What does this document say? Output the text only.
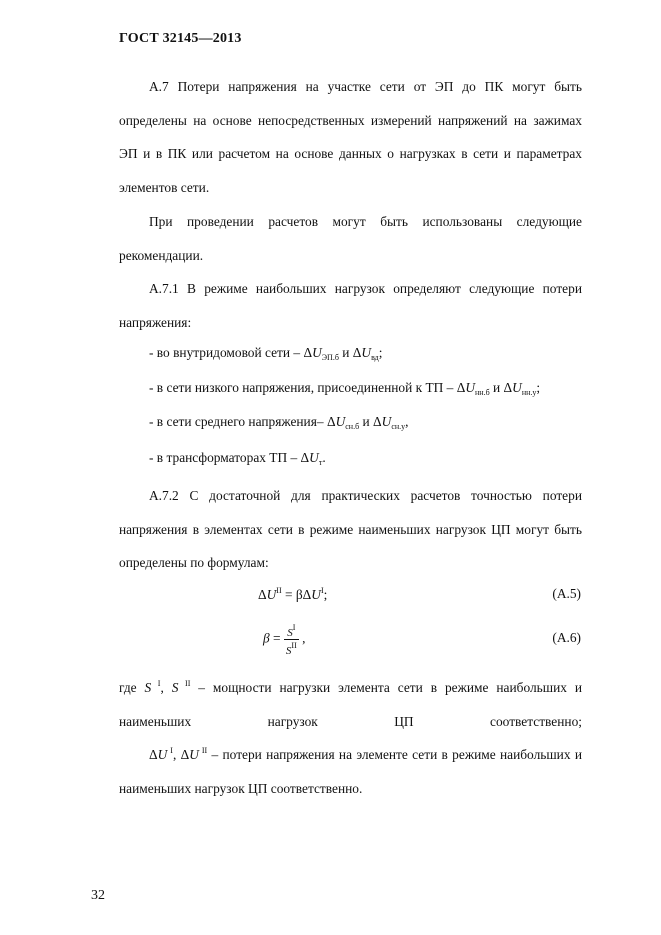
ГОСТ 32145—2013
А.7 Потери напряжения на участке сети от ЭП до ПК могут быть определены на основе непосредственных измерений напряжений на зажимах ЭП и в ПК или расчетом на основе данных о нагрузках в сети и параметрах элементов сети.
При проведении расчетов могут быть использованы следующие рекомендации.
А.7.1 В режиме наибольших нагрузок определяют следующие потери напряжения:
- во внутридомовой сети – $\Delta U_{ЭП.б}$ и $\Delta U_{вд}$;
- в сети низкого напряжения, присоединенной к ТП – $\Delta U_{нн.б}$ и $\Delta U_{нн.у}$;
- в сети среднего напряжения– $\Delta U_{сн.б}$ и $\Delta U_{сн.у}$,
- в трансформаторах ТП – $\Delta U_т$.
А.7.2 С достаточной для практических расчетов точностью потери напряжения в элементах сети в режиме наименьших нагрузок ЦП могут быть определены по формулам:
$\Delta U^{II} = \beta\Delta U^I$;	(А.5)
$\beta = \frac{S^I}{S^{II}}$ ,	(А.6)
где S $^I$, S $^{II}$ – мощности нагрузки элемента сети в режиме наибольших и наименьших нагрузок ЦП соответственно;
ΔU $^I$, ΔU $^{II}$ – потери напряжения на элементе сети в режиме наибольших и наименьших нагрузок ЦП соответственно.
32
